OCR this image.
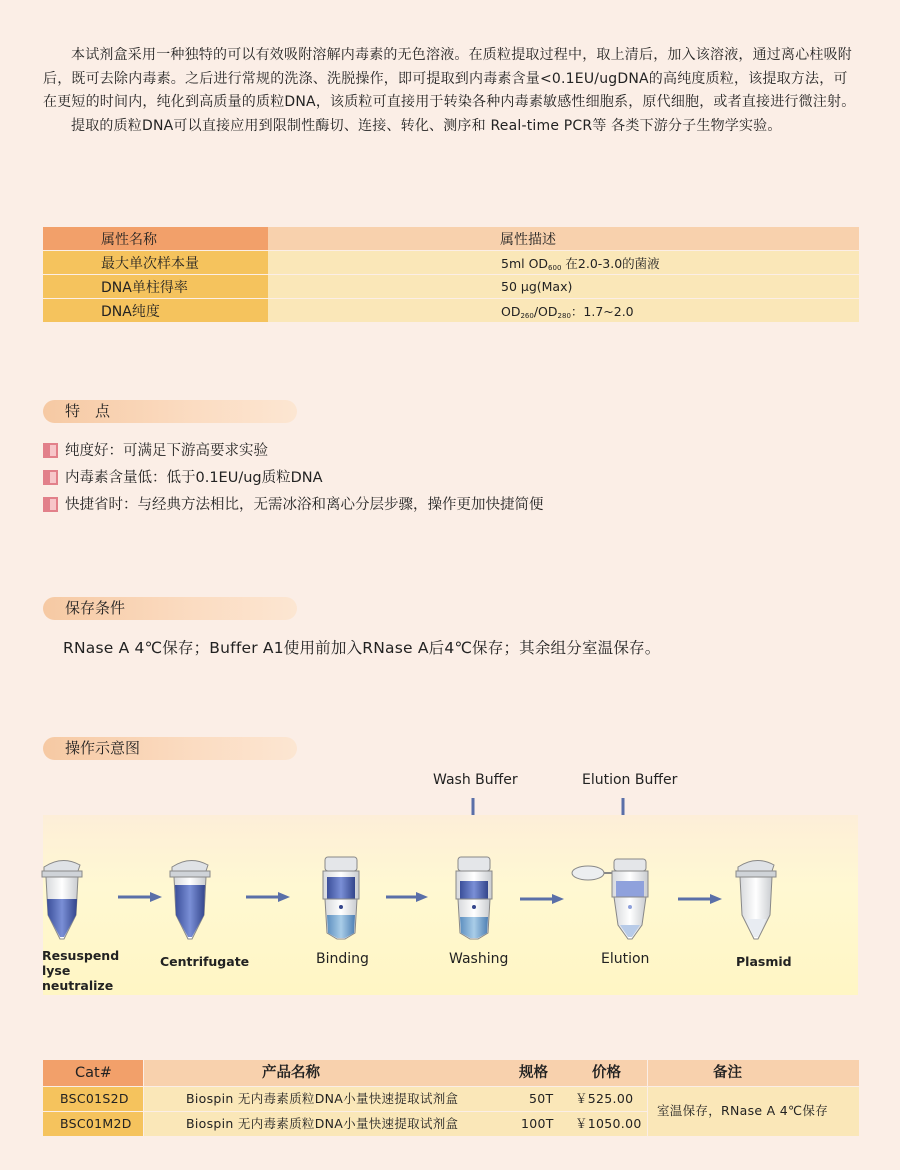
本试剂盒采用一种独特的可以有效吸附溶解内毒素的无色溶液。在质粒提取过程中，取上清后，加入该溶液，通过离心柱吸附后，既可去除内毒素。之后进行常规的洗涤、洗脱操作，即可提取到内毒素含量<0.1EU/ugDNA的高纯度质粒，该提取方法，可在更短的时间内，纯化到高质量的质粒DNA，该质粒可直接用于转染各种内毒素敏感性细胞系，原代细胞，或者直接进行微注射。

提取的质粒DNA可以直接应用到限制性酶切、连接、转化、测序和 Real-time PCR等 各类下游分子生物学实验。

属性名称	属性描述
最大单次样本量	5ml $OD_{600}$ 在2.0-3.0的菌液
DNA单柱得率	50 μg(Max)
DNA纯度	$OD_{260}/OD_{280}$：1.7~2.0
特　点
纯度好：可满足下游高要求实验
内毒素含量低：低于0.1EU/ug质粒DNA
快捷省时：与经典方法相比，无需冰浴和离心分层步骤，操作更加快捷简便
保存条件
RNase A 4℃保存；Buffer A1使用前加入RNase A后4℃保存；其余组分室温保存。
操作示意图
Wash Buffer	Elution Buffer
Resuspend
lyse
neutralize
Centrifugate	Binding	Washing	Elution	Plasmid
Cat#	产品名称	规格	价格	备注
BSC01S2D	Biospin 无内毒素质粒DNA小量快速提取试剂盒	50T ￥525.00
BSC01M2D	Biospin 无内毒素质粒DNA小量快速提取试剂盒	100T ￥1050.00
室温保存，RNase A 4℃保存
